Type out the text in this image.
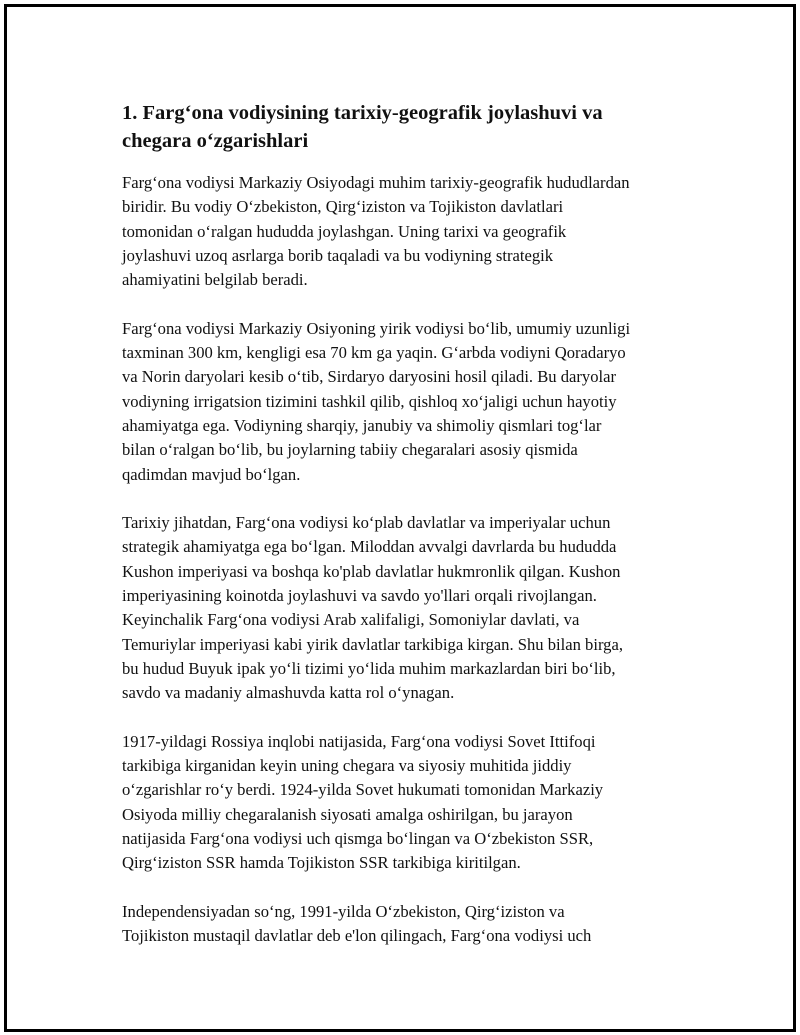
1. Farg‘ona vodiysining tarixiy-geografik joylashuvi va
chegara o‘zgarishlari

Farg‘ona vodiysi Markaziy Osiyodagi muhim tarixiy-geografik hududlardan
biridir. Bu vodiy O‘zbekiston, Qirg‘iziston va Tojikiston davlatlari
tomonidan o‘ralgan hududda joylashgan. Uning tarixi va geografik
joylashuvi uzoq asrlarga borib taqaladi va bu vodiyning strategik
ahamiyatini belgilab beradi.

Farg‘ona vodiysi Markaziy Osiyoning yirik vodiysi bo‘lib, umumiy uzunligi
taxminan 300 km, kengligi esa 70 km ga yaqin. G‘arbda vodiyni Qoradaryo
va Norin daryolari kesib o‘tib, Sirdaryo daryosini hosil qiladi. Bu daryolar
vodiyning irrigatsion tizimini tashkil qilib, qishloq xo‘jaligi uchun hayotiy
ahamiyatga ega. Vodiyning sharqiy, janubiy va shimoliy qismlari tog‘lar
bilan o‘ralgan bo‘lib, bu joylarning tabiiy chegaralari asosiy qismida
qadimdan mavjud bo‘lgan.

Tarixiy jihatdan, Farg‘ona vodiysi ko‘plab davlatlar va imperiyalar uchun
strategik ahamiyatga ega bo‘lgan. Miloddan avvalgi davrlarda bu hududda
Kushon imperiyasi va boshqa ko'plab davlatlar hukmronlik qilgan. Kushon
imperiyasining koinotda joylashuvi va savdo yo'llari orqali rivojlangan.
Keyinchalik Farg‘ona vodiysi Arab xalifaligi, Somoniylar davlati, va
Temuriylar imperiyasi kabi yirik davlatlar tarkibiga kirgan. Shu bilan birga,
bu hudud Buyuk ipak yo‘li tizimi yo‘lida muhim markazlardan biri bo‘lib,
savdo va madaniy almashuvda katta rol o‘ynagan.

1917-yildagi Rossiya inqlobi natijasida, Farg‘ona vodiysi Sovet Ittifoqi
tarkibiga kirganidan keyin uning chegara va siyosiy muhitida jiddiy
o‘zgarishlar ro‘y berdi. 1924-yilda Sovet hukumati tomonidan Markaziy
Osiyoda milliy chegaralanish siyosati amalga oshirilgan, bu jarayon
natijasida Farg‘ona vodiysi uch qismga bo‘lingan va O‘zbekiston SSR,
Qirg‘iziston SSR hamda Tojikiston SSR tarkibiga kiritilgan.

Independensiyadan so‘ng, 1991-yilda O‘zbekiston, Qirg‘iziston va
Tojikiston mustaqil davlatlar deb e'lon qilingach, Farg‘ona vodiysi uch
